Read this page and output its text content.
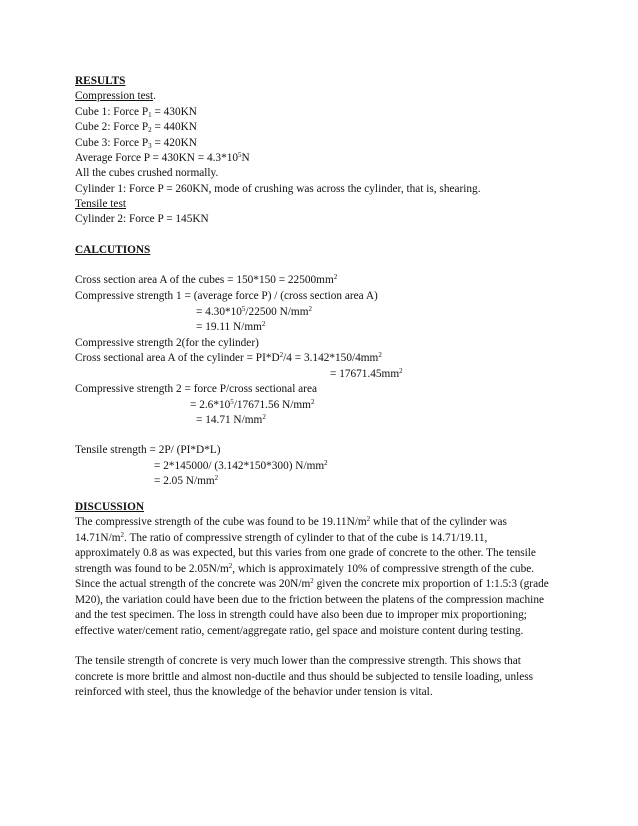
RESULTS
Compression test.
Cube 1: Force $P_1 = 430KN$
Cube 2: Force $P_2 = 440KN$
Cube 3: Force $P_3 = 420KN$
Average Force $P = 430KN = 4.3*10^5N$
All the cubes crushed normally.
Cylinder 1: Force P = 260KN, mode of crushing was across the cylinder, that is, shearing.
Tensile test
Cylinder 2: Force P = 145KN
CALCUTIONS
Cross section area A of the cubes = $150*150 = 22500mm^2$
Compressive strength 1 = (average force P) / (cross section area A)
= $4.30*10^5/22500$ $N/mm^2$
= 19.11 $N/mm^2$
Compressive strength 2(for the cylinder)
Cross sectional area A of the cylinder = $PI*D^2/4 = 3.142*150/4mm^2$
= $17671.45mm^2$
Compressive strength 2 = force P/cross sectional area
= $2.6*10^5/17671.56$ $N/mm^2$
= 14.71 $N/mm^2$
Tensile strength = 2P/ (PI*D*L)
= 2*145000/ (3.142*150*300) $N/mm^2$
= 2.05 $N/mm^2$
DISCUSSION
The compressive strength of the cube was found to be $19.11N/m^2$ while that of the cylinder was
$14.71N/m^2$. The ratio of compressive strength of cylinder to that of the cube is 14.71/19.11,
approximately 0.8 as was expected, but this varies from one grade of concrete to the other. The tensile
strength was found to be $2.05N/m^2$, which is approximately 10% of compressive strength of the cube.
Since the actual strength of the concrete was $20N/m^2$ given the concrete mix proportion of 1:1.5:3 (grade
M20), the variation could have been due to the friction between the platens of the compression machine
and the test specimen. The loss in strength could have also been due to improper mix proportioning;
effective water/cement ratio, cement/aggregate ratio, gel space and moisture content during testing.
The tensile strength of concrete is very much lower than the compressive strength. This shows that
concrete is more brittle and almost non-ductile and thus should be subjected to tensile loading, unless
reinforced with steel, thus the knowledge of the behavior under tension is vital.
